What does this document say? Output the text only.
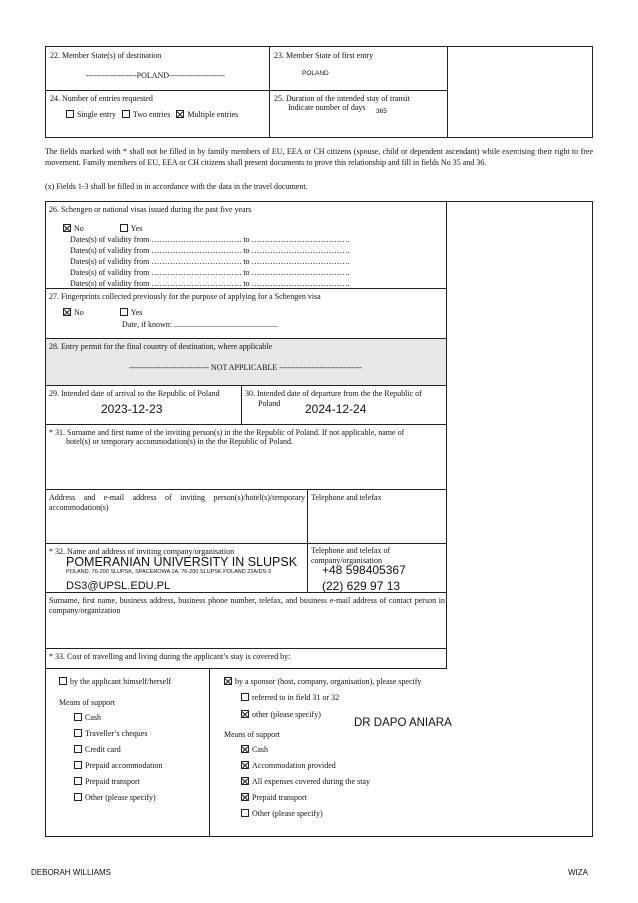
22. Member State(s) of destination
-------------------POLAND---------------------
23. Member State of first entry
POLAND
24. Number of entries requested
Single entry Two entries Multiple entries
25. Duration of the intended stay of transit
Indicate number of days 365

The fields marked with * shall not be filled in by family members of EU, EEA or CH citizens (spouse, child or dependent ascendant) while exercising their right to free movement. Family members of EU, EEA or CH citizens shall present documents to prove this relationship and fill in fields No 35 and 36.

(x) Fields 1-3 shall be filled in in accordance with the data in the travel document.

26. Schengen or national visas issued during the past five years
No	Yes
Dates(s) of validity from ……………………………. to ……………………………….
Dates(s) of validity from ……………………………. to ……………………………….
Dates(s) of validity from ……………………………. to ……………………………….
Dates(s) of validity from ……………………………. to ……………………………….
Dates(s) of validity from ……………………………. to ……………………………….
27. Fingerprints collected previously for the purpose of applying for a Schengen visa
No	Yes
Date, if known: ....................................................
28. Entry permit for the final country of destination, where applicable
------------------------------ NOT APPLICABLE -------------------------------
29. Intended date of arrival to the Republic of Poland
2023-12-23
30. Intended date of departure from the the Republic of
Poland 2024-12-24
* 31. Surname and first name of the inviting person(s) in the the Republic of Poland. If not applicable, name of
hotel(s) or temporary accommodation(s) in the the Republic of Poland.
Address and e-mail address of inviting person(s)/hotel(s)/temporary accommodation(s)
Telephone and telefax
* 32. Name and address of inviting company/organisation
POMERANIAN UNIVERSITY IN SLUPSK
POLAND, 76-200 SLUPSK, SPACEROWA 1A, 76-200 SLUPSK POLAND 22A/DS-3
DS3@UPSL.EDU.PL
Telephone and telefax of company/organisation
+48 598405367
(22) 629 97 13
Surname, first name, business address, business phone number, telefax, and business e-mail address of contact person in company/organization
* 33. Cost of travelling and living during the applicant’s stay is covered by:
by the applicant himself/herself
Means of support
Cash
Traveller’s cheques
Credit card
Prepaid accommodation
Prepaid transport
Other (please specify)
by a sponsor (host, company, organisation), please specify
referred to in field 31 or 32
other (please specify)
DR DAPO ANIARA
Means of support
Cash
Accommodation provided
All expenses covered during the stay
Prepaid transport
Other (please specify)
DEBORAH WILLIAMS	WIZA
